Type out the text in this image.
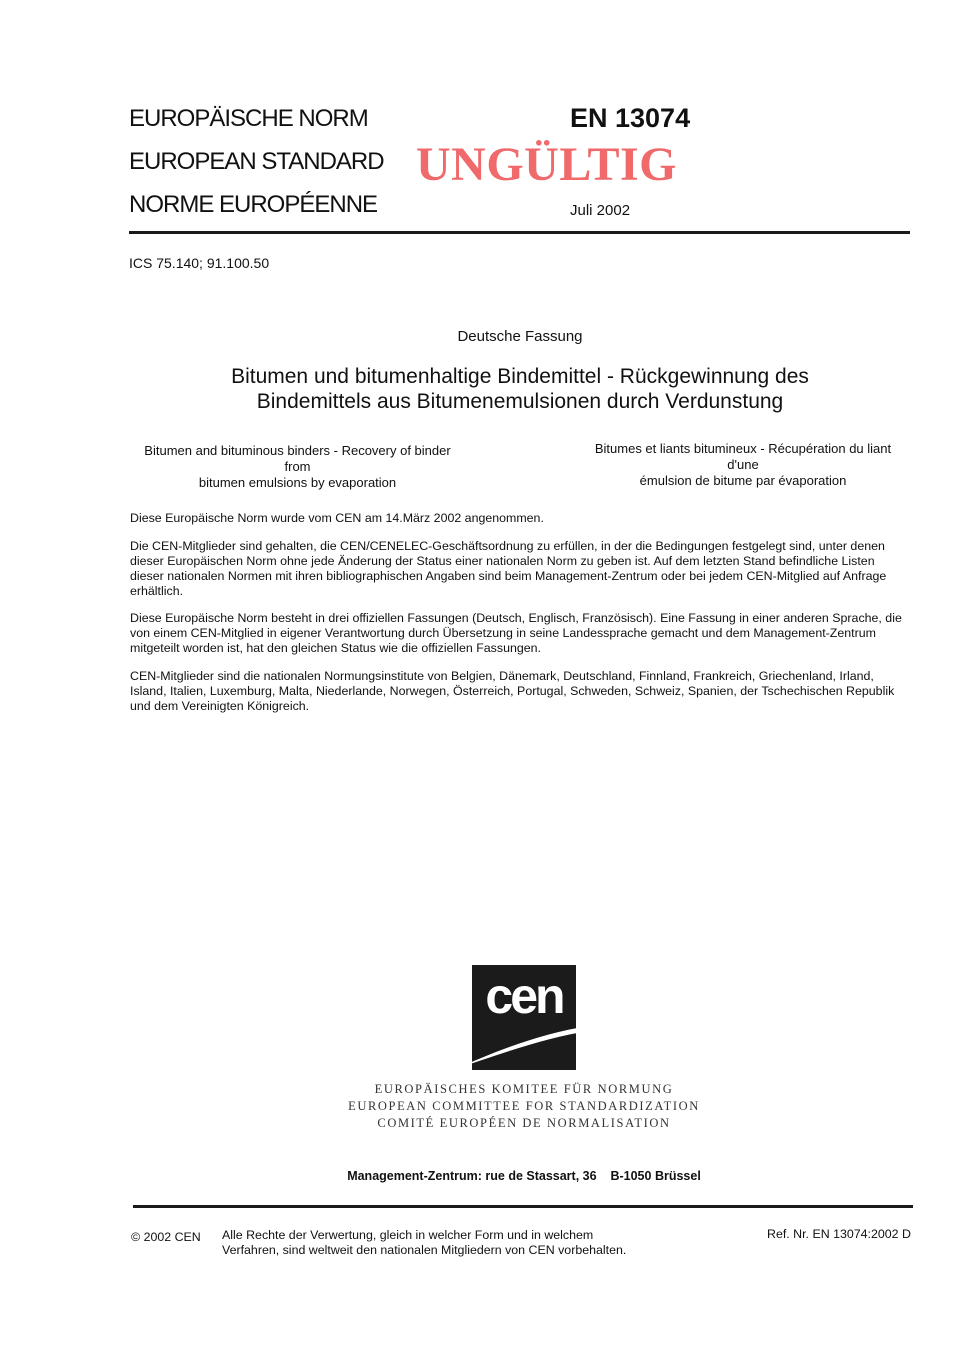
EUROPÄISCHE NORM
EUROPEAN STANDARD
NORME EUROPÉENNE
EN 13074
UNGÜLTIG
Juli 2002
ICS 75.140; 91.100.50
Deutsche Fassung
Bitumen und bitumenhaltige Bindemittel - Rückgewinnung des
Bindemittels aus Bitumenemulsionen durch Verdunstung
Bitumen and bituminous binders - Recovery of binder from
bitumen emulsions by evaporation
Bitumes et liants bitumineux - Récupération du liant d'une
émulsion de bitume par évaporation
Diese Europäische Norm wurde vom CEN am 14.März 2002 angenommen.
Die CEN-Mitglieder sind gehalten, die CEN/CENELEC-Geschäftsordnung zu erfüllen, in der die Bedingungen festgelegt sind, unter denen dieser Europäischen Norm ohne jede Änderung der Status einer nationalen Norm zu geben ist. Auf dem letzten Stand befindliche Listen dieser nationalen Normen mit ihren bibliographischen Angaben sind beim Management-Zentrum oder bei jedem CEN-Mitglied auf Anfrage erhältlich.
Diese Europäische Norm besteht in drei offiziellen Fassungen (Deutsch, Englisch, Französisch). Eine Fassung in einer anderen Sprache, die von einem CEN-Mitglied in eigener Verantwortung durch Übersetzung in seine Landessprache gemacht und dem Management-Zentrum mitgeteilt worden ist, hat den gleichen Status wie die offiziellen Fassungen.
CEN-Mitglieder sind die nationalen Normungsinstitute von Belgien, Dänemark, Deutschland, Finnland, Frankreich, Griechenland, Irland, Island, Italien, Luxemburg, Malta, Niederlande, Norwegen, Österreich, Portugal, Schweden, Schweiz, Spanien, der Tschechischen Republik und dem Vereinigten Königreich.
cen
EUROPÄISCHES KOMITEE FÜR NORMUNG
EUROPEAN COMMITTEE FOR STANDARDIZATION
COMITÉ EUROPÉEN DE NORMALISATION
Management-Zentrum: rue de Stassart, 36 B-1050 Brüssel
© 2002 CEN Alle Rechte der Verwertung, gleich in welcher Form und in welchem
Verfahren, sind weltweit den nationalen Mitgliedern von CEN vorbehalten.
Ref. Nr. EN 13074:2002 D
